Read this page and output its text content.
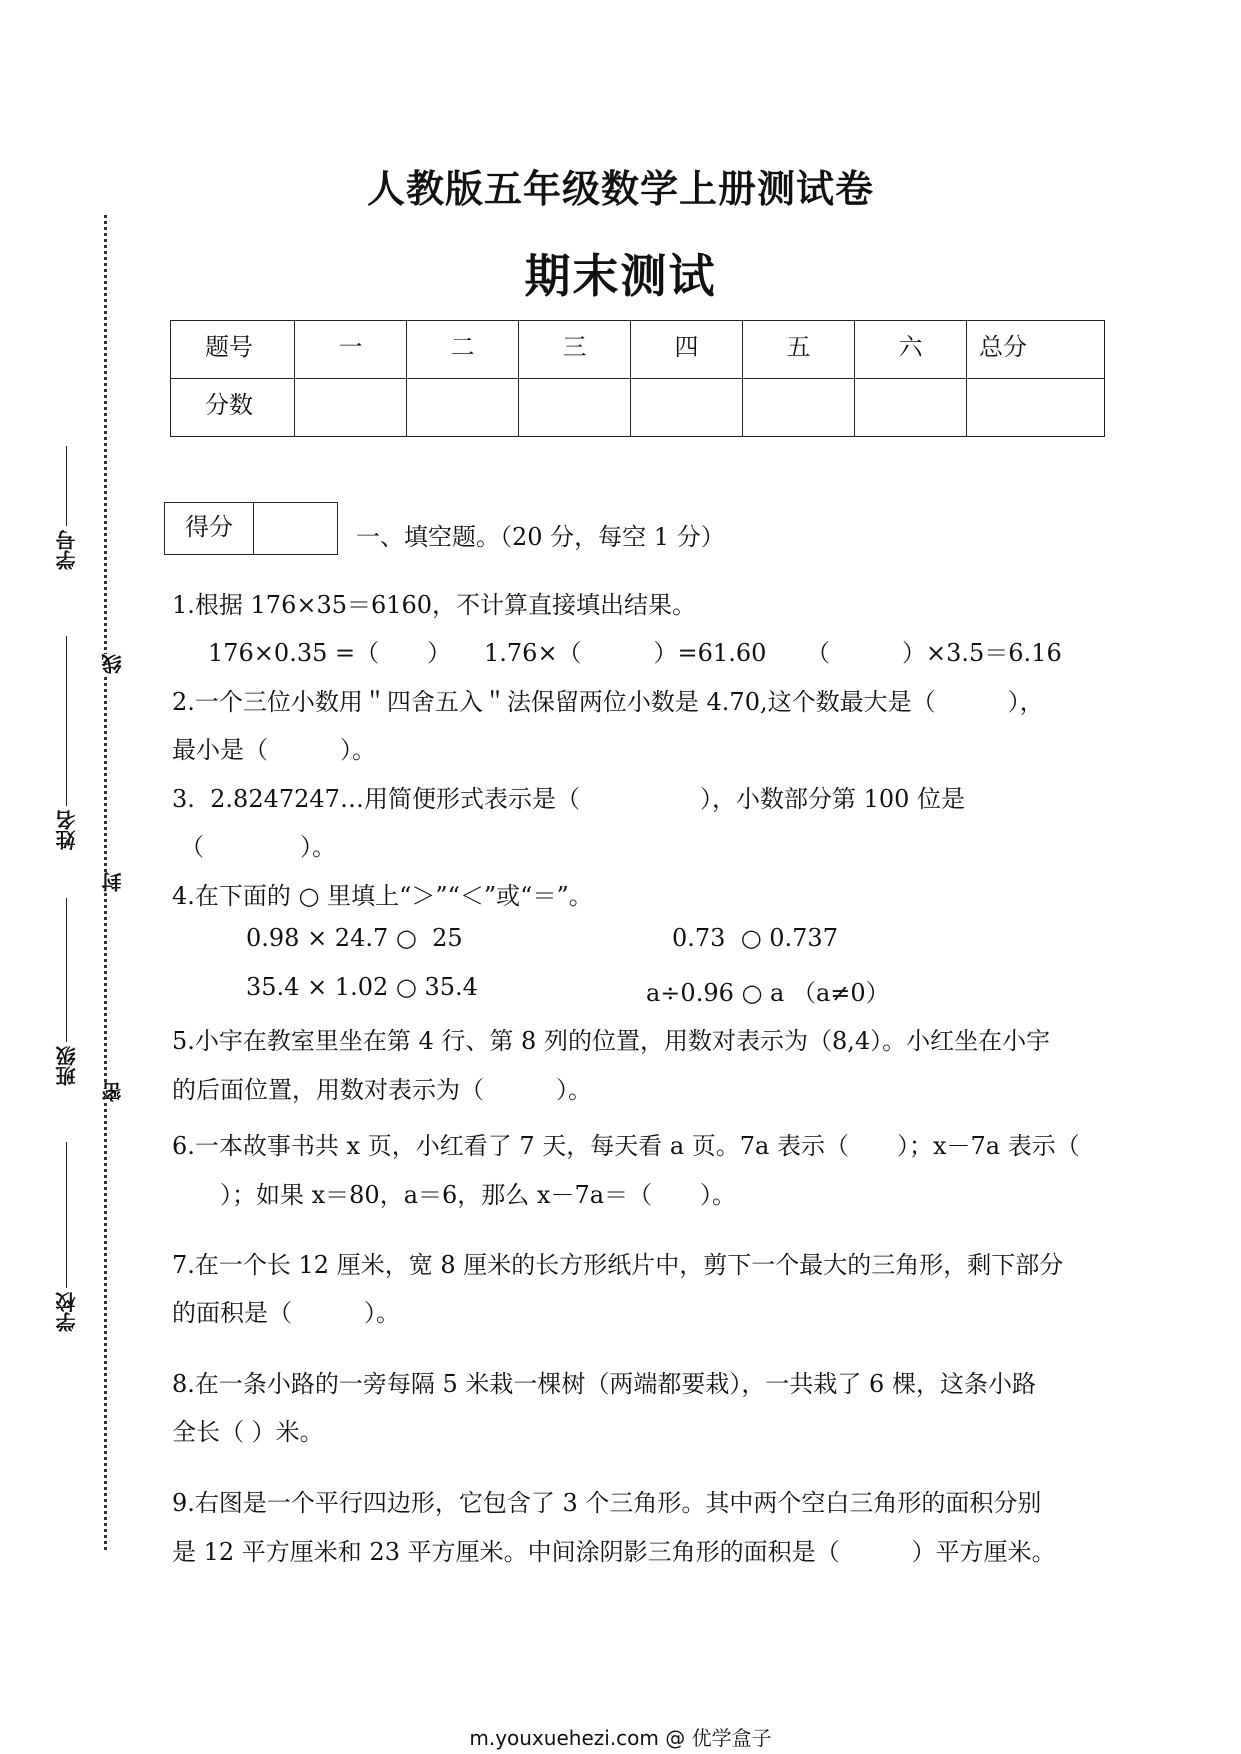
人教版五年级数学上册测试卷
期末测试
题号	一	二	三	四	五	六	总分
分数							
得分	一、填空题。（20 分，每空 1 分）
1.根据 176×35＝6160，不计算直接填出结果。
176×0.35 =（　　） 1.76×（　　　）=61.60 （　　　）×3.5＝6.16
2.一个三位小数用＂四舍五入＂法保留两位小数是 4.70,这个数最大是（　　　），
最小是（　　　）。
3.  2.8247247…用简便形式表示是（　　　　　），小数部分第 100 位是
（　　　　）。
4.在下面的 ○ 里填上“＞”“＜”或“＝”。
0.98 × 24.7 ○  25	0.73  ○ 0.737
35.4 × 1.02 ○ 35.4	a÷0.96 ○ a （a≠0）
5.小宇在教室里坐在第 4 行、第 8 列的位置，用数对表示为（8,4）。小红坐在小宇
的后面位置，用数对表示为（　　　）。
6.一本故事书共 x 页，小红看了 7 天，每天看 a 页。7a 表示（　　）；x－7a 表示（
　　）；如果 x＝80，a＝6，那么 x－7a＝（　　）。
7.在一个长 12 厘米，宽 8 厘米的长方形纸片中，剪下一个最大的三角形，剩下部分
的面积是（　　　）。
8.在一条小路的一旁每隔 5 米栽一棵树（两端都要栽），一共栽了 6 棵，这条小路
全长（ ）米。
9.右图是一个平行四边形，它包含了 3 个三角形。其中两个空白三角形的面积分别
是 12 平方厘米和 23 平方厘米。中间涂阴影三角形的面积是（　　　）平方厘米。
学号
姓名
班级
学校
线
封
密
m.youxuehezi.com @ 优学盒子
